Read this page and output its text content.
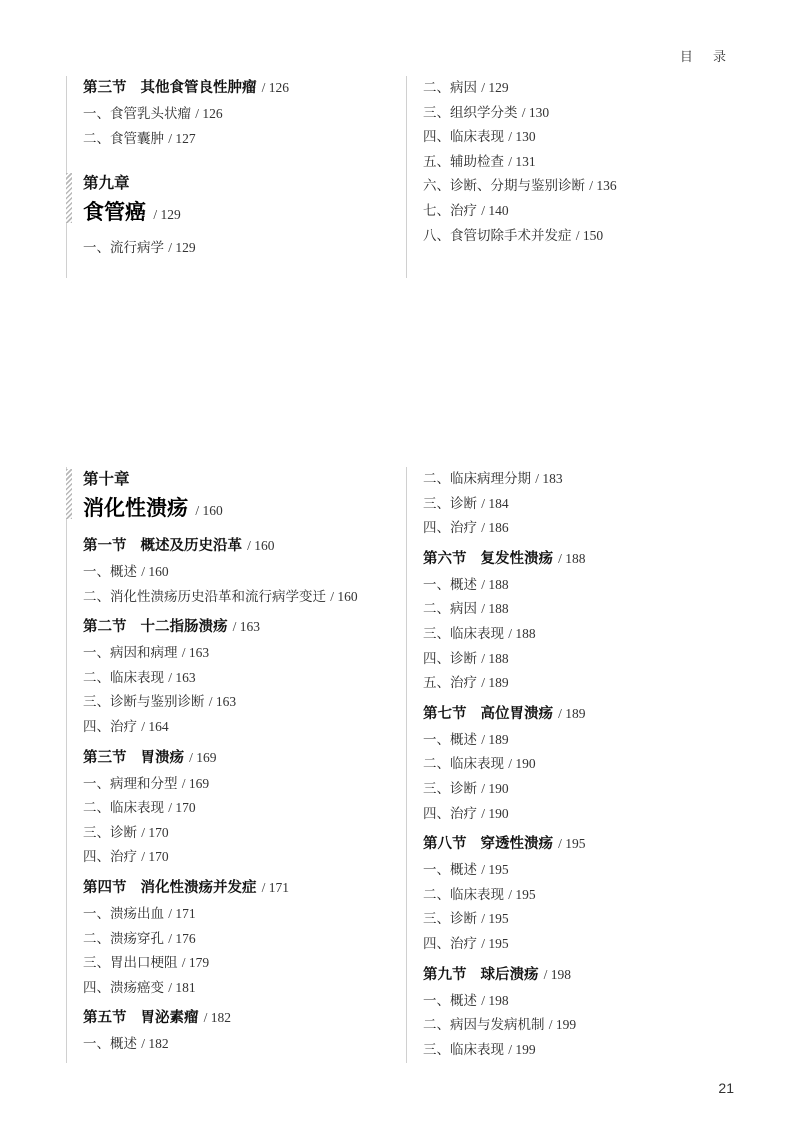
目 录
第三节 其他食管良性肿瘤 / 126
一、食管乳头状瘤 / 126
二、食管囊肿 / 127
第九章
食管癌 / 129
一、流行病学 / 129
二、病因 / 129
三、组织学分类 / 130
四、临床表现 / 130
五、辅助检查 / 131
六、诊断、分期与鉴别诊断 / 136
七、治疗 / 140
八、食管切除手术并发症 / 150
第十章
消化性溃疡 / 160
第一节 概述及历史沿革 / 160
一、概述 / 160
二、消化性溃疡历史沿革和流行病学变迁 / 160
第二节 十二指肠溃疡 / 163
一、病因和病理 / 163
二、临床表现 / 163
三、诊断与鉴别诊断 / 163
四、治疗 / 164
第三节 胃溃疡 / 169
一、病理和分型 / 169
二、临床表现 / 170
三、诊断 / 170
四、治疗 / 170
第四节 消化性溃疡并发症 / 171
一、溃疡出血 / 171
二、溃疡穿孔 / 176
三、胃出口梗阻 / 179
四、溃疡癌变 / 181
第五节 胃泌素瘤 / 182
一、概述 / 182
二、临床病理分期 / 183
三、诊断 / 184
四、治疗 / 186
第六节 复发性溃疡 / 188
一、概述 / 188
二、病因 / 188
三、临床表现 / 188
四、诊断 / 188
五、治疗 / 189
第七节 高位胃溃疡 / 189
一、概述 / 189
二、临床表现 / 190
三、诊断 / 190
四、治疗 / 190
第八节 穿透性溃疡 / 195
一、概述 / 195
二、临床表现 / 195
三、诊断 / 195
四、治疗 / 195
第九节 球后溃疡 / 198
一、概述 / 198
二、病因与发病机制 / 199
三、临床表现 / 199
21
